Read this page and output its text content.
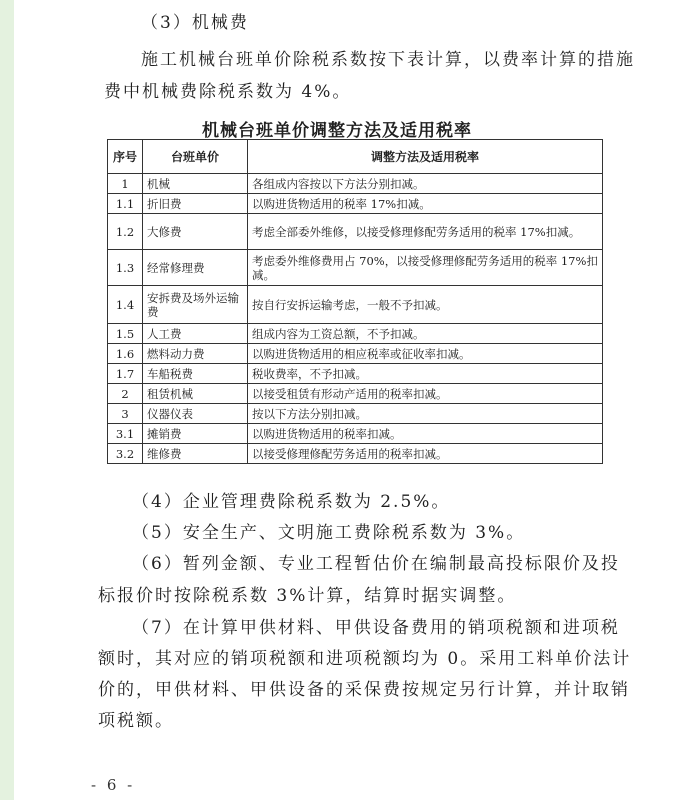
（3）机械费
施工机械台班单价除税系数按下表计算，以费率计算的措施
费中机械费除税系数为 4%。
机械台班单价调整方法及适用税率
序号	台班单价	调整方法及适用税率
1	机械	各组成内容按以下方法分别扣减。
1.1	折旧费	以购进货物适用的税率 17%扣减。
1.2	大修费	考虑全部委外维修，以接受修理修配劳务适用的税率 17%扣减。
1.3	经常修理费	考虑委外维修费用占 70%，以接受修理修配劳务适用的税率 17%扣减。
1.4	安拆费及场外运输费	按自行安拆运输考虑，一般不予扣减。
1.5	人工费	组成内容为工资总额，不予扣减。
1.6	燃料动力费	以购进货物适用的相应税率或征收率扣减。
1.7	车船税费	税收费率，不予扣减。
2	租赁机械	以接受租赁有形动产适用的税率扣减。
3	仪器仪表	按以下方法分别扣减。
3.1	摊销费	以购进货物适用的税率扣减。
3.2	维修费	以接受修理修配劳务适用的税率扣减。
（4）企业管理费除税系数为 2.5%。
（5）安全生产、文明施工费除税系数为 3%。
（6）暂列金额、专业工程暂估价在编制最高投标限价及投
标报价时按除税系数 3%计算，结算时据实调整。
（7）在计算甲供材料、甲供设备费用的销项税额和进项税
额时，其对应的销项税额和进项税额均为 0。采用工料单价法计
价的，甲供材料、甲供设备的采保费按规定另行计算，并计取销
项税额。
- 6 -
